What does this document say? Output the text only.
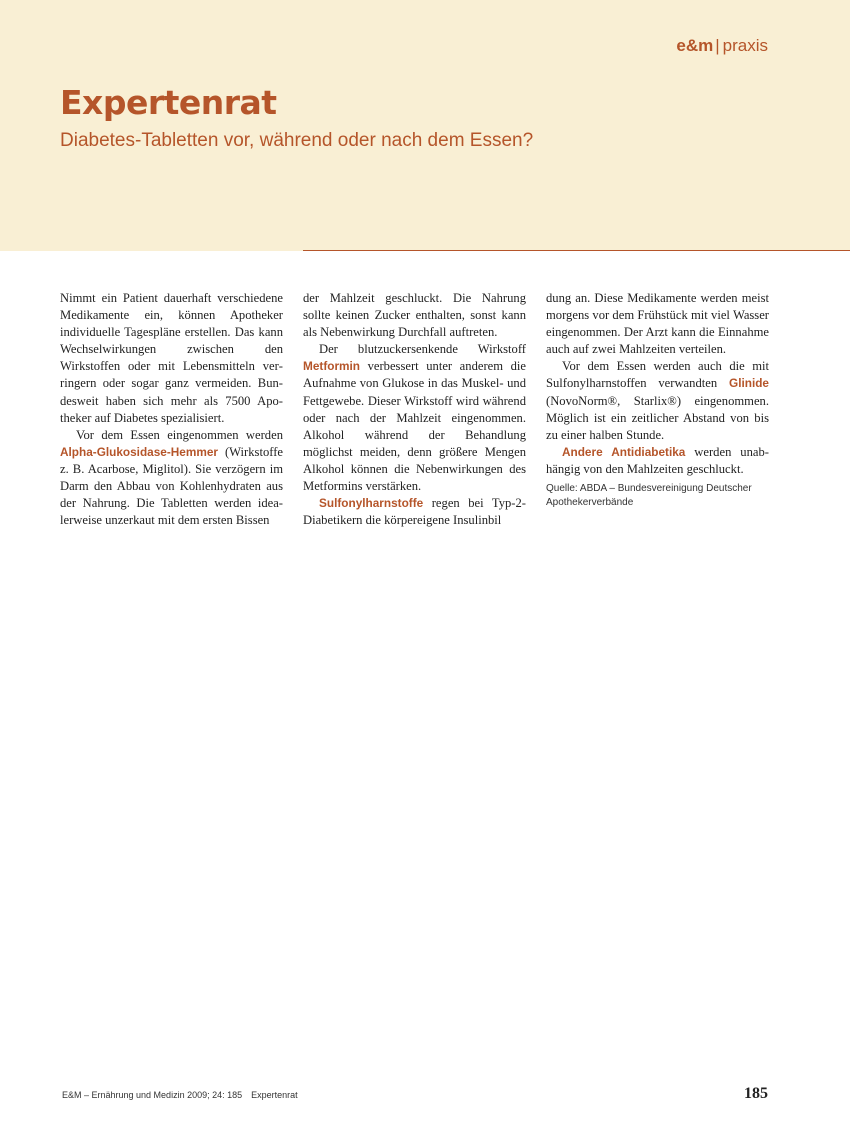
e&m | praxis
Expertenrat
Diabetes-Tabletten vor, während oder nach dem Essen?

Nimmt ein Patient dauerhaft verschiedene Medikamente ein, können Apotheker individuelle Tagespläne erstellen. Das kann Wechselwirkungen zwischen den Wirkstoffen oder mit Lebensmitteln verringern oder sogar ganz vermeiden. Bundesweit haben sich mehr als 7500 Apotheker auf Diabetes spezialisiert.

Vor dem Essen eingenommen werden Alpha-Glukosidase-Hemmer (Wirkstoffe z. B. Acarbose, Miglitol). Sie verzögern im Darm den Abbau von Kohlenhydraten aus der Nahrung. Die Tabletten werden idealerweise unzerkaut mit dem ersten Bissen

der Mahlzeit geschluckt. Die Nahrung sollte keinen Zucker enthalten, sonst kann als Nebenwirkung Durchfall auftreten.

Der blutzuckersenkende Wirkstoff Metformin verbessert unter anderem die Aufnahme von Glukose in das Muskel- und Fettgewebe. Dieser Wirkstoff wird während oder nach der Mahlzeit eingenommen. Alkohol während der Behandlung möglichst meiden, denn größere Mengen Alkohol können die Nebenwirkungen des Metformins verstärken.

Sulfonylharnstoffe regen bei Typ-2-Diabetikern die körpereigene Insulinbil

dung an. Diese Medikamente werden meist morgens vor dem Frühstück mit viel Wasser eingenommen. Der Arzt kann die Einnahme auch auf zwei Mahlzeiten verteilen.

Vor dem Essen werden auch die mit Sulfonylharnstoffen verwandten Glinide (NovoNorm®, Starlix®) eingenommen. Möglich ist ein zeitlicher Abstand von bis zu einer halben Stunde.

Andere Antidiabetika werden unabhängig von den Mahlzeiten geschluckt.

Quelle: ABDA – Bundesvereinigung Deutscher Apothekerverbände

E&M – Ernährung und Medizin 2009; 24: 185 Expertenrat	185
